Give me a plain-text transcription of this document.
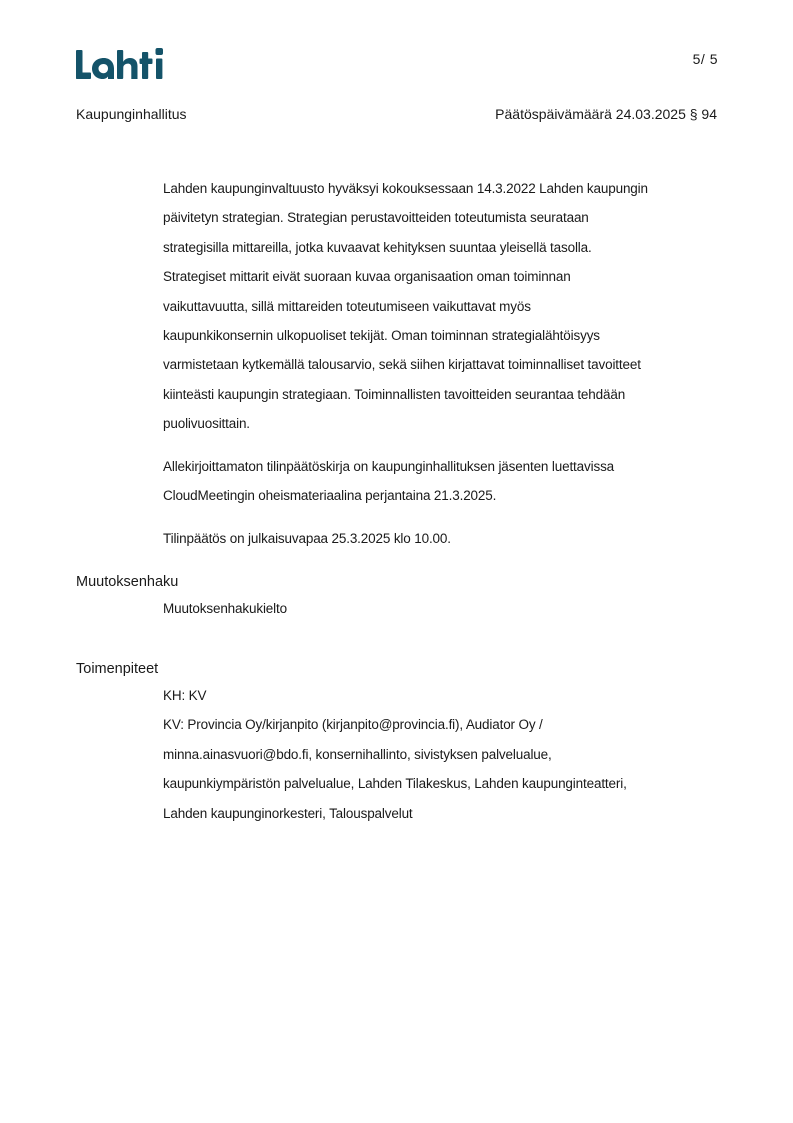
5/ 5
Kaupunginhallitus	Päätöspäivämäärä 24.03.2025 § 94

Lahden kaupunginvaltuusto hyväksyi kokouksessaan 14.3.2022 Lahden kaupungin

päivitetyn strategian. Strategian perustavoitteiden toteutumista seurataan

strategisilla mittareilla, jotka kuvaavat kehityksen suuntaa yleisellä tasolla.

Strategiset mittarit eivät suoraan kuvaa organisaation oman toiminnan

vaikuttavuutta, sillä mittareiden toteutumiseen vaikuttavat myös

kaupunkikonsernin ulkopuoliset tekijät. Oman toiminnan strategialähtöisyys

varmistetaan kytkemällä talousarvio, sekä siihen kirjattavat toiminnalliset tavoitteet

kiinteästi kaupungin strategiaan. Toiminnallisten tavoitteiden seurantaa tehdään

puolivuosittain.

Allekirjoittamaton tilinpäätöskirja on kaupunginhallituksen jäsenten luettavissa

CloudMeetingin oheismateriaalina perjantaina 21.3.2025.

Tilinpäätös on julkaisuvapaa 25.3.2025 klo 10.00.

Muutoksenhaku

Muutoksenhakukielto

Toimenpiteet

KH: KV

KV: Provincia Oy/kirjanpito (kirjanpito@provincia.fi), Audiator Oy /

minna.ainasvuori@bdo.fi, konsernihallinto, sivistyksen palvelualue,

kaupunkiympäristön palvelualue, Lahden Tilakeskus, Lahden kaupunginteatteri,

Lahden kaupunginorkesteri, Talouspalvelut
